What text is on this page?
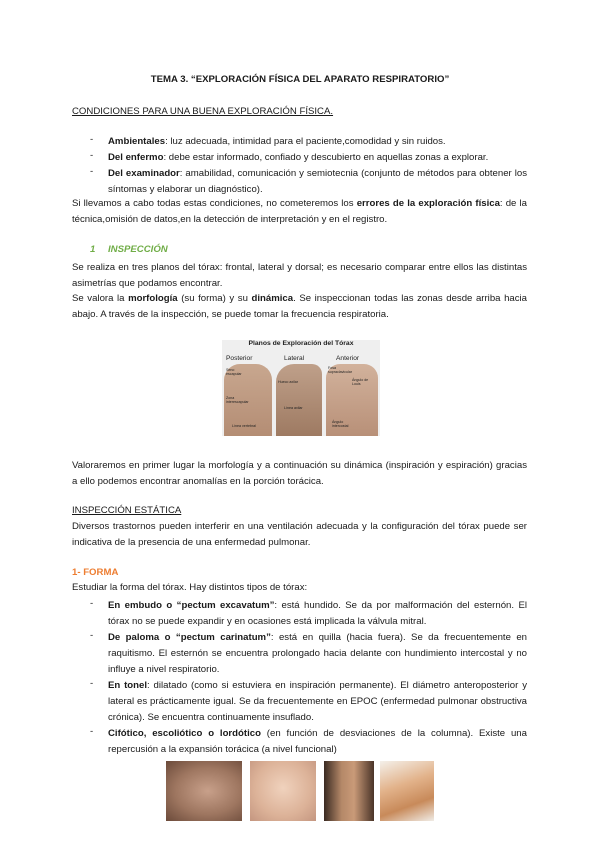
TEMA 3. “EXPLORACIÓN FÍSICA DEL APARATO RESPIRATORIO”
CONDICIONES PARA UNA BUENA EXPLORACIÓN FÍSICA.
- Ambientales: luz adecuada, intimidad para el paciente,comodidad y sin ruidos.
- Del enfermo: debe estar informado, confiado y descubierto en aquellas zonas a explorar.
- Del examinador: amabilidad, comunicación y semiotecnia (conjunto de métodos para obtener los síntomas y elaborar un diagnóstico).
Si llevamos a cabo todas estas condiciones, no cometeremos los errores de la exploración física: de la técnica,omisión de datos,en la detección de interpretación y en el registro.
1 INSPECCIÓN
Se realiza en tres planos del tórax: frontal, lateral y dorsal; es necesario comparar entre ellos las distintas asimetrías que podamos encontrar.
Se valora la morfología (su forma) y su dinámica. Se inspeccionan todas las zonas desde arriba hacia abajo. A través de la inspección, se puede tomar la frecuencia respiratoria.
Planos de Exploración del Tórax
Posterior	Lateral	Anterior
Seno escapular
Zona interescapular
Línea vertebral
Hueco axilar
Línea axilar
Fosa supraclavicular
Ángulo de Louis
Ángulo intercostal
Valoraremos en primer lugar la morfología y a continuación su dinámica (inspiración y espiración) gracias a ello podemos encontrar anomalías en la porción torácica.
INSPECCIÓN ESTÁTICA
Diversos trastornos pueden interferir en una ventilación adecuada y la configuración del tórax puede ser indicativa de la presencia de una enfermedad pulmonar.
1- FORMA
Estudiar la forma del tórax. Hay distintos tipos de tórax:
- En embudo o “pectum excavatum”: está hundido. Se da por malformación del esternón. El tórax no se puede expandir y en ocasiones está implicada la válvula mitral.
- De paloma o “pectum carinatum”: está en quilla (hacia fuera). Se da frecuentemente en raquitismo. El esternón se encuentra prolongado hacia delante con hundimiento intercostal y no influye a nivel respiratorio.
- En tonel: dilatado (como si estuviera en inspiración permanente). El diámetro anteroposterior y lateral es prácticamente igual. Se da frecuentemente en EPOC (enfermedad pulmonar obstructiva crónica). Se encuentra continuamente insuflado.
- Cifótico, escoliótico o lordótico (en función de desviaciones de la columna). Existe una repercusión a la expansión torácica (a nivel funcional)
